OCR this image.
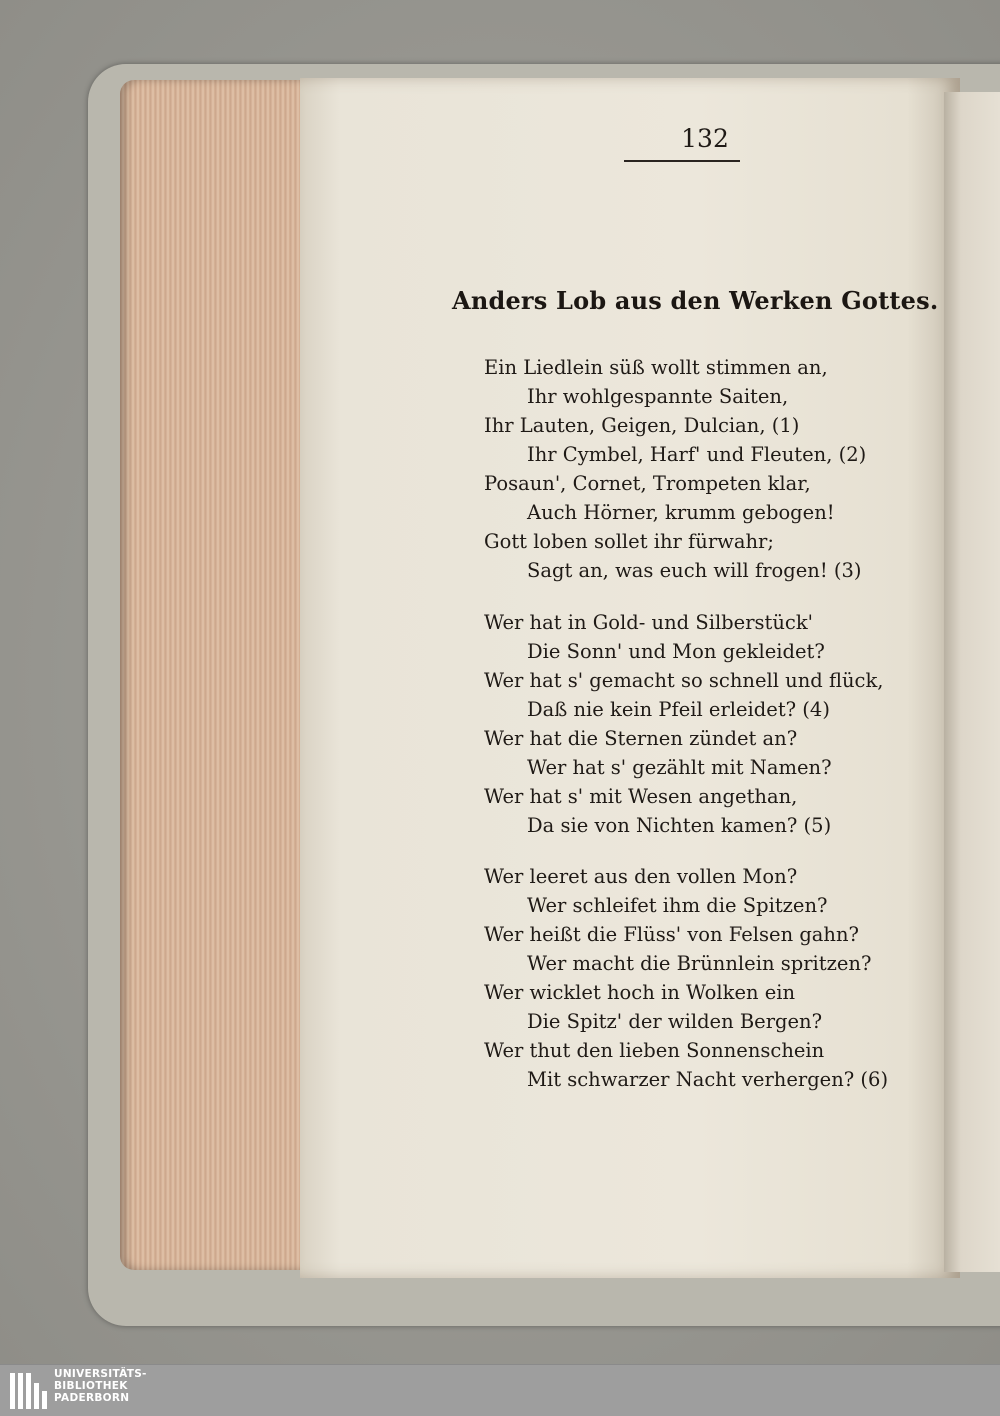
132
Anders Lob aus den Werken Gottes.
Ein Liedlein süß wollt stimmen an,
Ihr wohlgespannte Saiten,
Ihr Lauten, Geigen, Dulcian, (1)
Ihr Cymbel, Harf' und Fleuten, (2)
Posaun', Cornet, Trompeten klar,
Auch Hörner, krumm gebogen!
Gott loben sollet ihr fürwahr;
Sagt an, was euch will frogen! (3)
Wer hat in Gold- und Silberstück'
Die Sonn' und Mon gekleidet?
Wer hat s' gemacht so schnell und flück,
Daß nie kein Pfeil erleidet? (4)
Wer hat die Sternen zündet an?
Wer hat s' gezählt mit Namen?
Wer hat s' mit Wesen angethan,
Da sie von Nichten kamen? (5)
Wer leeret aus den vollen Mon?
Wer schleifet ihm die Spitzen?
Wer heißt die Flüss' von Felsen gahn?
Wer macht die Brünnlein spritzen?
Wer wicklet hoch in Wolken ein
Die Spitz' der wilden Bergen?
Wer thut den lieben Sonnenschein
Mit schwarzer Nacht verhergen? (6)
UNIVERSITÄTS-
BIBLIOTHEK
PADERBORN
